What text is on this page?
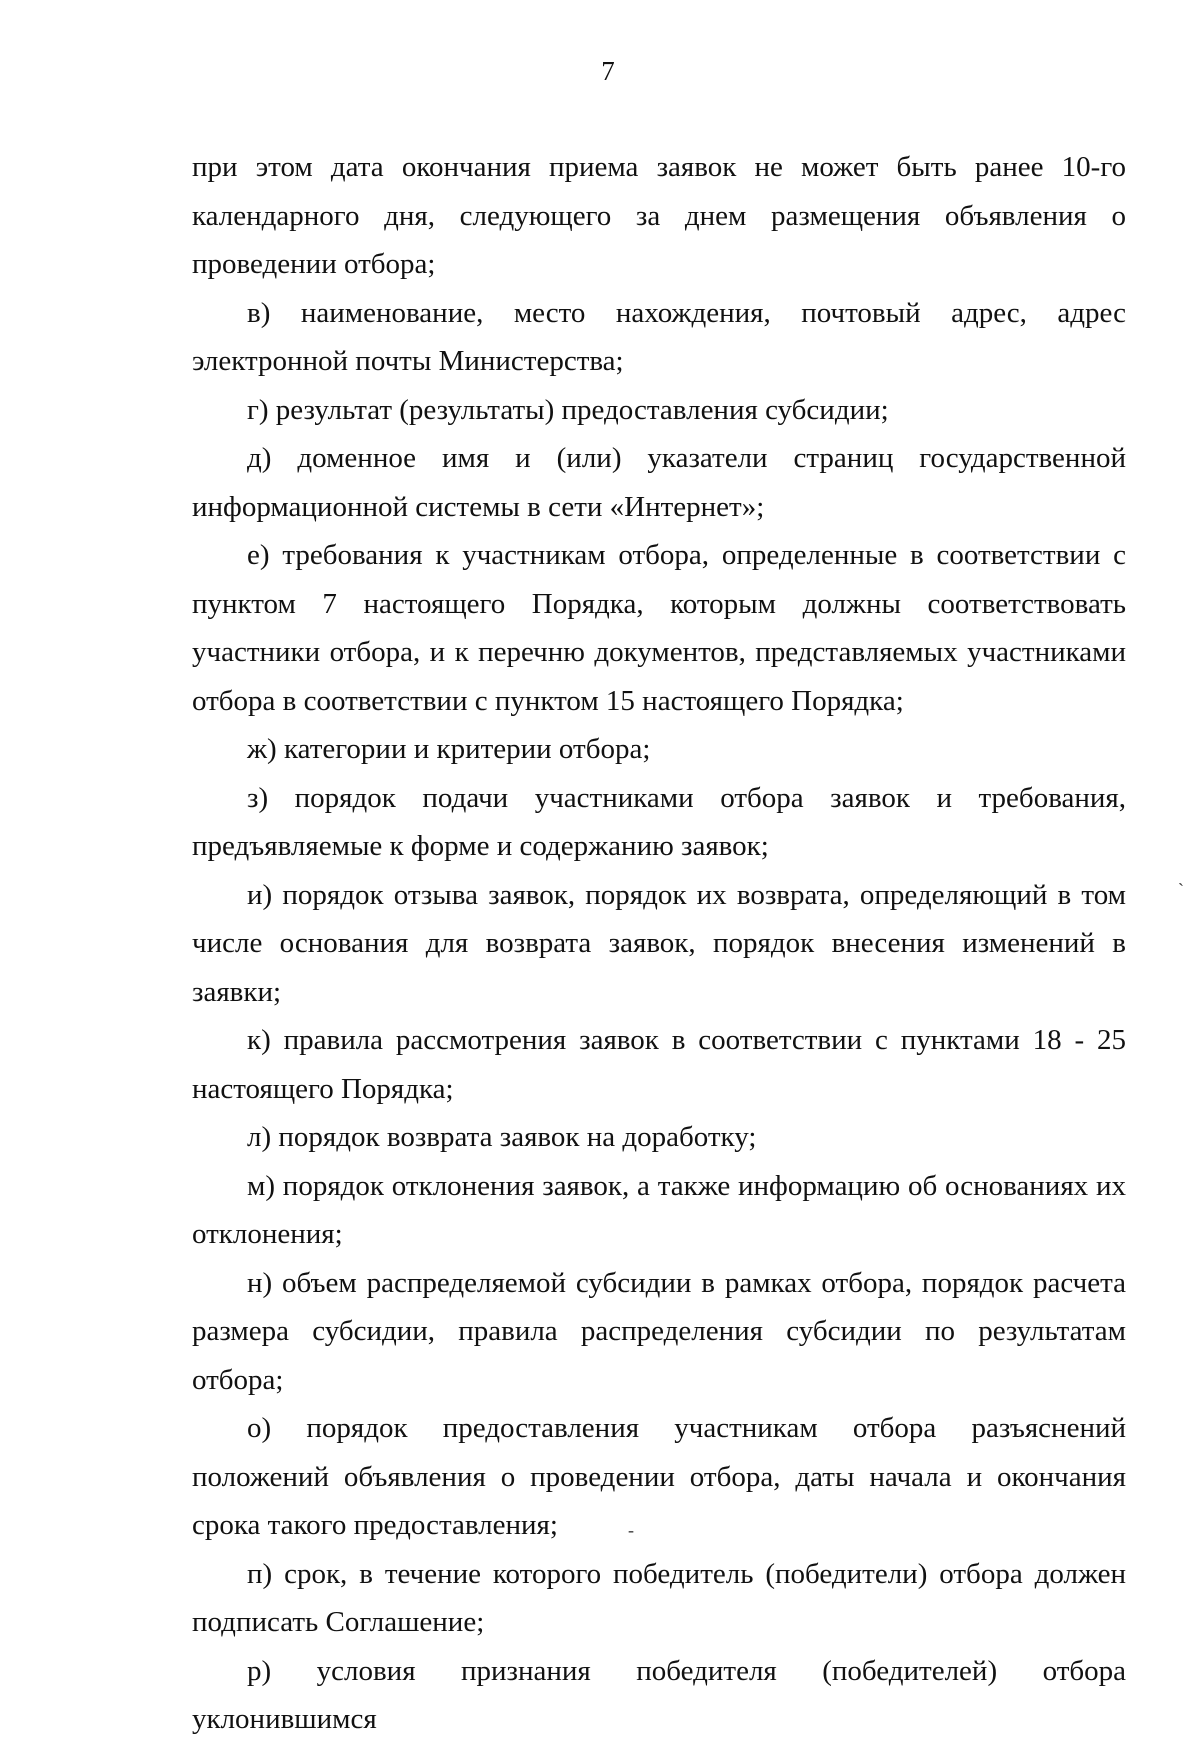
7

при этом дата окончания приема заявок не может быть ранее 10-го календарного дня, следующего за днем размещения объявления о проведении отбора;

в) наименование, место нахождения, почтовый адрес, адрес электронной почты Министерства;

г) результат (результаты) предоставления субсидии;

д) доменное имя и (или) указатели страниц государственной информационной системы в сети «Интернет»;

е) требования к участникам отбора, определенные в соответствии с пунктом 7 настоящего Порядка, которым должны соответствовать участники отбора, и к перечню документов, представляемых участниками отбора в соответствии с пунктом 15 настоящего Порядка;

ж) категории и критерии отбора;

з) порядок подачи участниками отбора заявок и требования, предъявляемые к форме и содержанию заявок;

и) порядок отзыва заявок, порядок их возврата, определяющий в том числе основания для возврата заявок, порядок внесения изменений в заявки;

к) правила рассмотрения заявок в соответствии с пунктами 18 - 25 настоящего Порядка;

л) порядок возврата заявок на доработку;

м) порядок отклонения заявок, а также информацию об основаниях их отклонения;

н) объем распределяемой субсидии в рамках отбора, порядок расчета размера субсидии, правила распределения субсидии по результатам отбора;

о) порядок предоставления участникам отбора разъяснений положений объявления о проведении отбора, даты начала и окончания срока такого предоставления;

п) срок, в течение которого победитель (победители) отбора должен подписать Соглашение;

р) условия признания победителя (победителей) отбора уклонившимся

`
-
